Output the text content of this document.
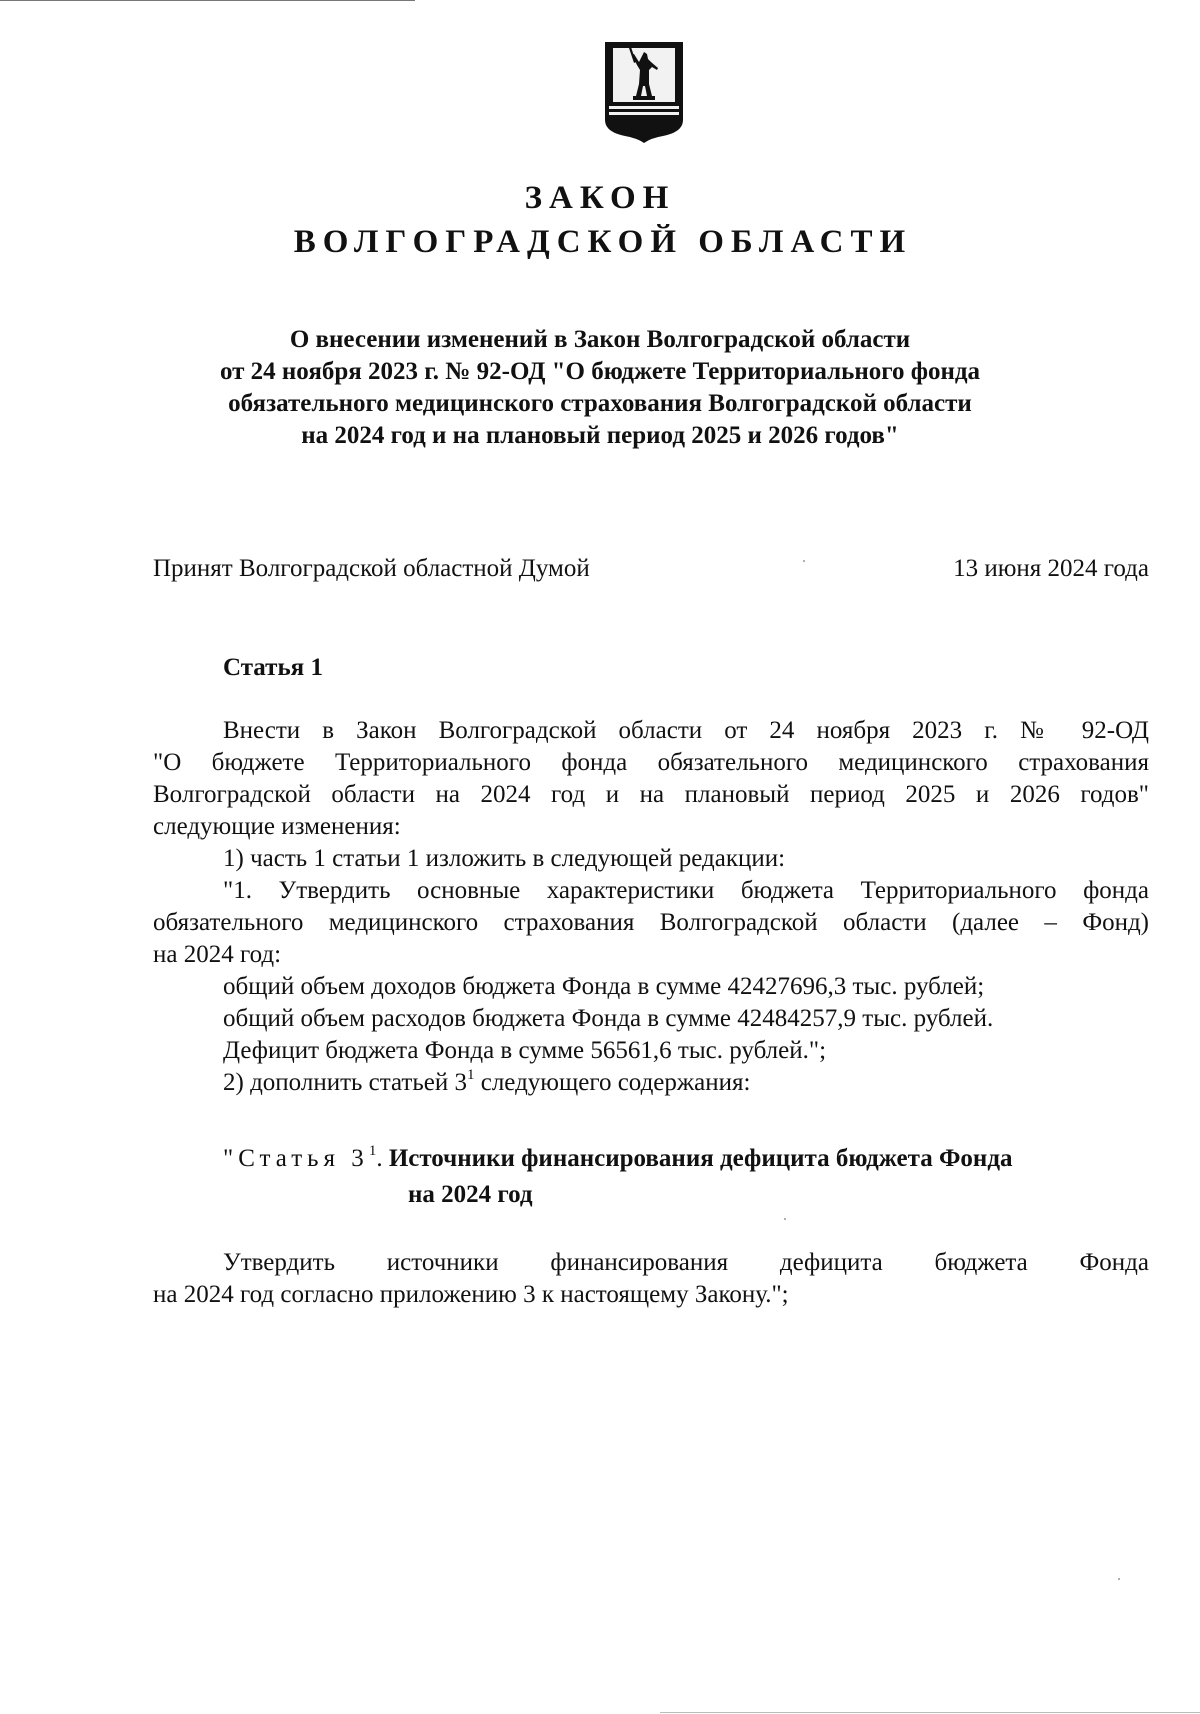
ЗАКОН
ВОЛГОГРАДСКОЙ ОБЛАСТИ
О внесении изменений в Закон Волгоградской области
от 24 ноября 2023 г. № 92-ОД "О бюджете Территориального фонда
обязательного медицинского страхования Волгоградской области
на 2024 год и на плановый период 2025 и 2026 годов"
Принят Волгоградской областной Думой	13 июня 2024 года
Статья 1
Внести в Закон Волгоградской области от 24 ноября 2023 г. № 92-ОД
"О бюджете Территориального фонда обязательного медицинского страхования
Волгоградской области на 2024 год и на плановый период 2025 и 2026 годов"
следующие изменения:
1) часть 1 статьи 1 изложить в следующей редакции:
"1. Утвердить основные характеристики бюджета Территориального фонда
обязательного медицинского страхования Волгоградской области (далее – Фонд)
на 2024 год:
общий объем доходов бюджета Фонда в сумме 42427696,3 тыс. рублей;
общий объем расходов бюджета Фонда в сумме 42484257,9 тыс. рублей.
Дефицит бюджета Фонда в сумме 56561,6 тыс. рублей.";
2) дополнить статьей $3^1$ следующего содержания:
"Статья $3^1$. Источники финансирования дефицита бюджета Фонда
на 2024 год
Утвердить источники финансирования дефицита бюджета Фонда
на 2024 год согласно приложению 3 к настоящему Закону.";
